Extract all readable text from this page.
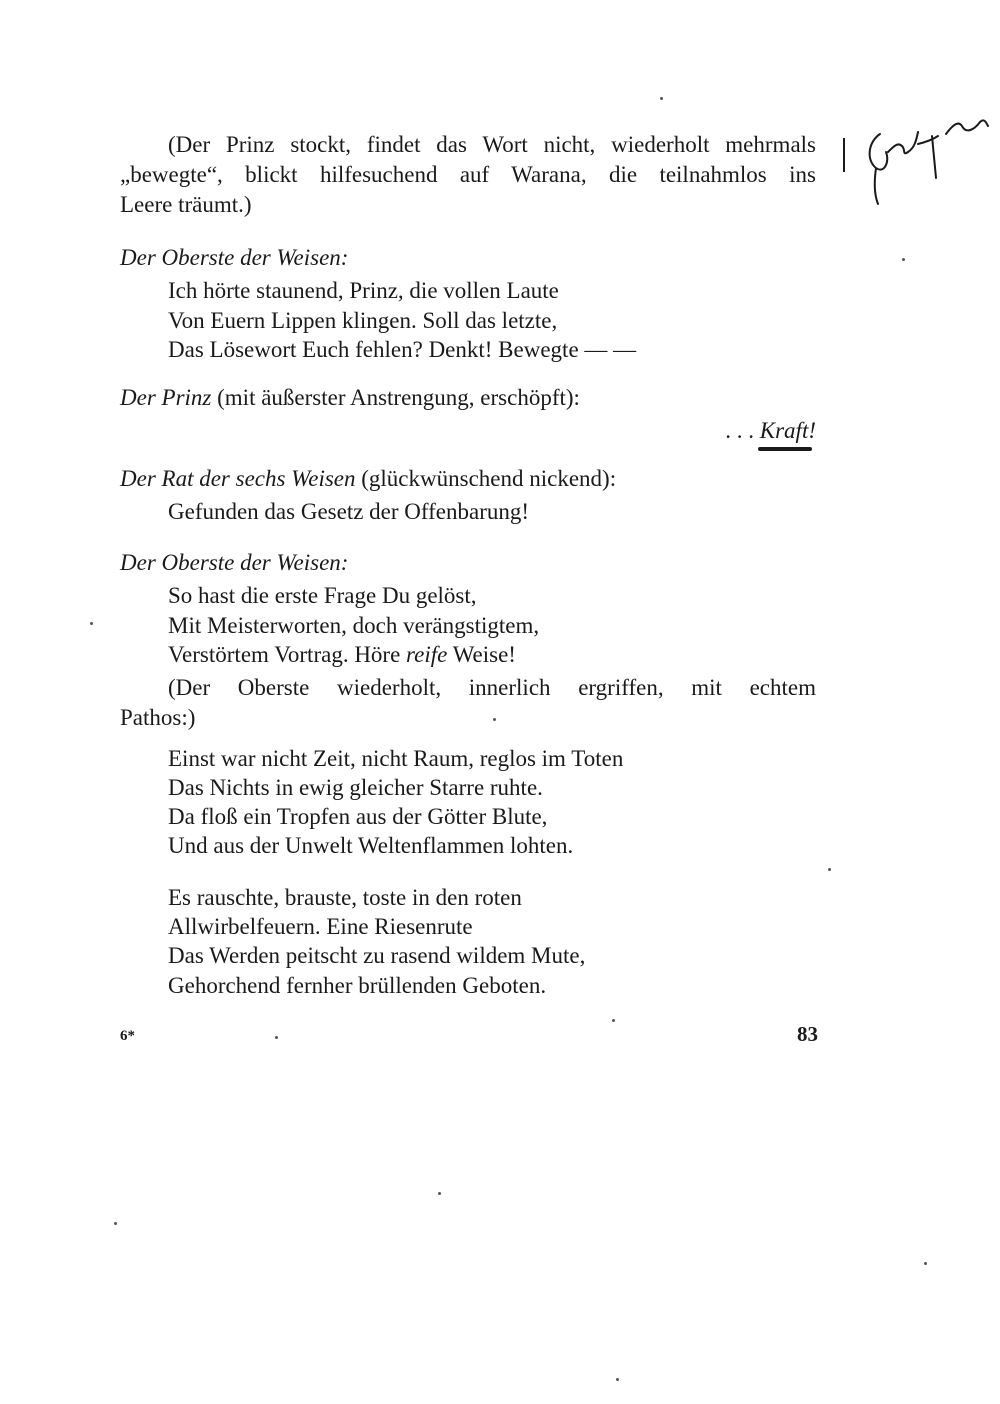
(Der Prinz stockt, findet das Wort nicht, wiederholt mehrmals
„bewegte“, blickt hilfesuchend auf Warana, die teilnahmlos ins
Leere träumt.)
Der Oberste der Weisen:
Ich hörte staunend, Prinz, die vollen Laute
Von Euern Lippen klingen. Soll das letzte,
Das Lösewort Euch fehlen? Denkt! Bewegte — —
Der Prinz (mit äußerster Anstrengung, erschöpft):
. . . Kraft!
Der Rat der sechs Weisen (glückwünschend nickend):
Gefunden das Gesetz der Offenbarung!
Der Oberste der Weisen:
So hast die erste Frage Du gelöst,
Mit Meisterworten, doch verängstigtem,
Verstörtem Vortrag. Höre reife Weise!
(Der Oberste wiederholt, innerlich ergriffen, mit echtem
Pathos:)
Einst war nicht Zeit, nicht Raum, reglos im Toten
Das Nichts in ewig gleicher Starre ruhte.
Da floß ein Tropfen aus der Götter Blute,
Und aus der Unwelt Weltenflammen lohten.
Es rauschte, brauste, toste in den roten
Allwirbelfeuern. Eine Riesenrute
Das Werden peitscht zu rasend wildem Mute,
Gehorchend fernher brüllenden Geboten.
6*	83
